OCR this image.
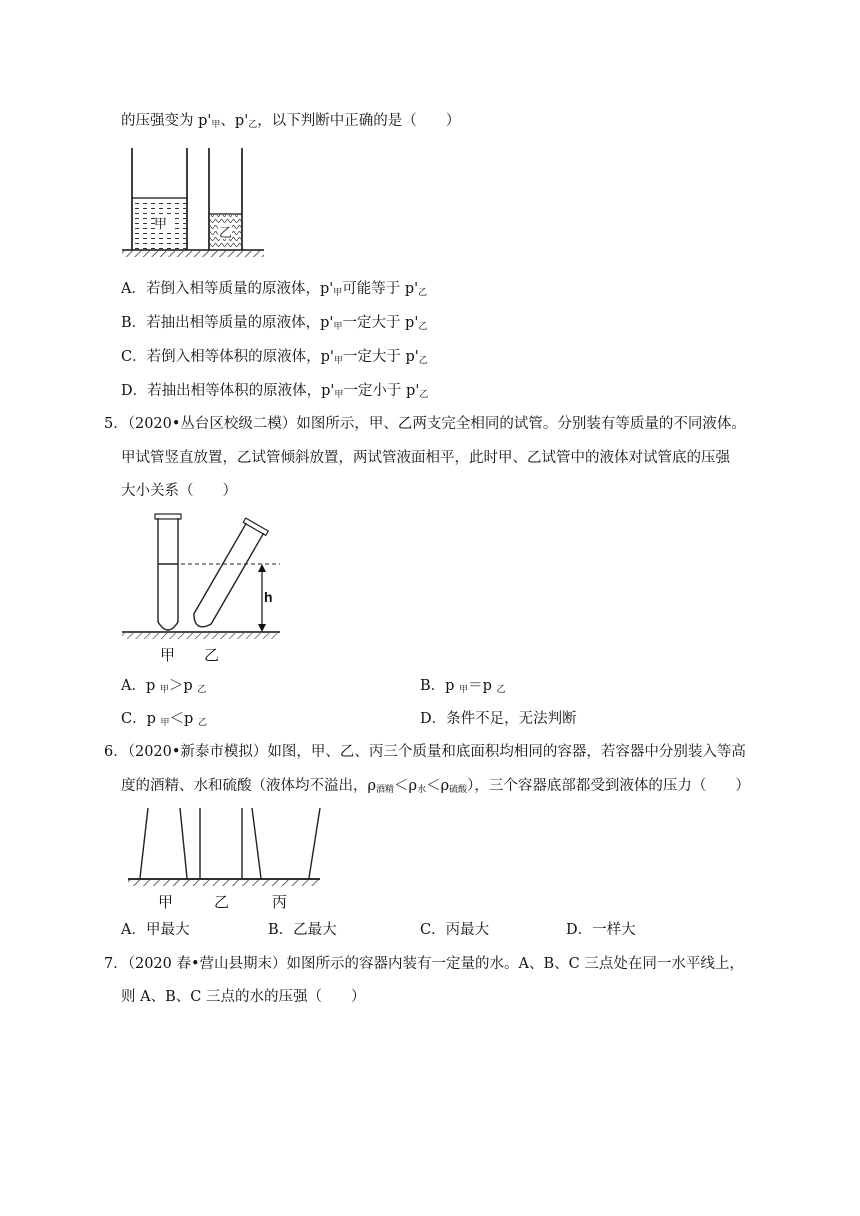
的压强变为 $p'_甲$、$p'_乙$，以下判断中正确的是（　　）
甲
乙
A．若倒入相等质量的原液体，$p'_甲$可能等于 $p'_乙$
B．若抽出相等质量的原液体，$p'_甲$一定大于 $p'_乙$
C．若倒入相等体积的原液体，$p'_甲$一定大于 $p'_乙$
D．若抽出相等体积的原液体，$p'_甲$一定小于 $p'_乙$
5．（2020•丛台区校级二模）如图所示，甲、乙两支完全相同的试管。分别装有等质量的不同液体。
甲试管竖直放置，乙试管倾斜放置，两试管液面相平，此时甲、乙试管中的液体对试管底的压强
大小关系（　　）
h
甲 乙
A．p $_甲$＞p $_乙$	B．p $_甲$＝p $_乙$
C．p $_甲$＜p $_乙$	D．条件不足，无法判断
6．（2020•新泰市模拟）如图，甲、乙、丙三个质量和底面积均相同的容器，若容器中分别装入等高
度的酒精、水和硫酸（液体均不溢出，$\rho_{酒精}<\rho_水<\rho_{硫酸}$），三个容器底部都受到液体的压力（　　）
甲	乙	丙
A．甲最大	B．乙最大	C．丙最大	D．一样大
7．（2020 春•营山县期末）如图所示的容器内装有一定量的水。A、B、C 三点处在同一水平线上，
则 A、B、C 三点的水的压强（　　）
